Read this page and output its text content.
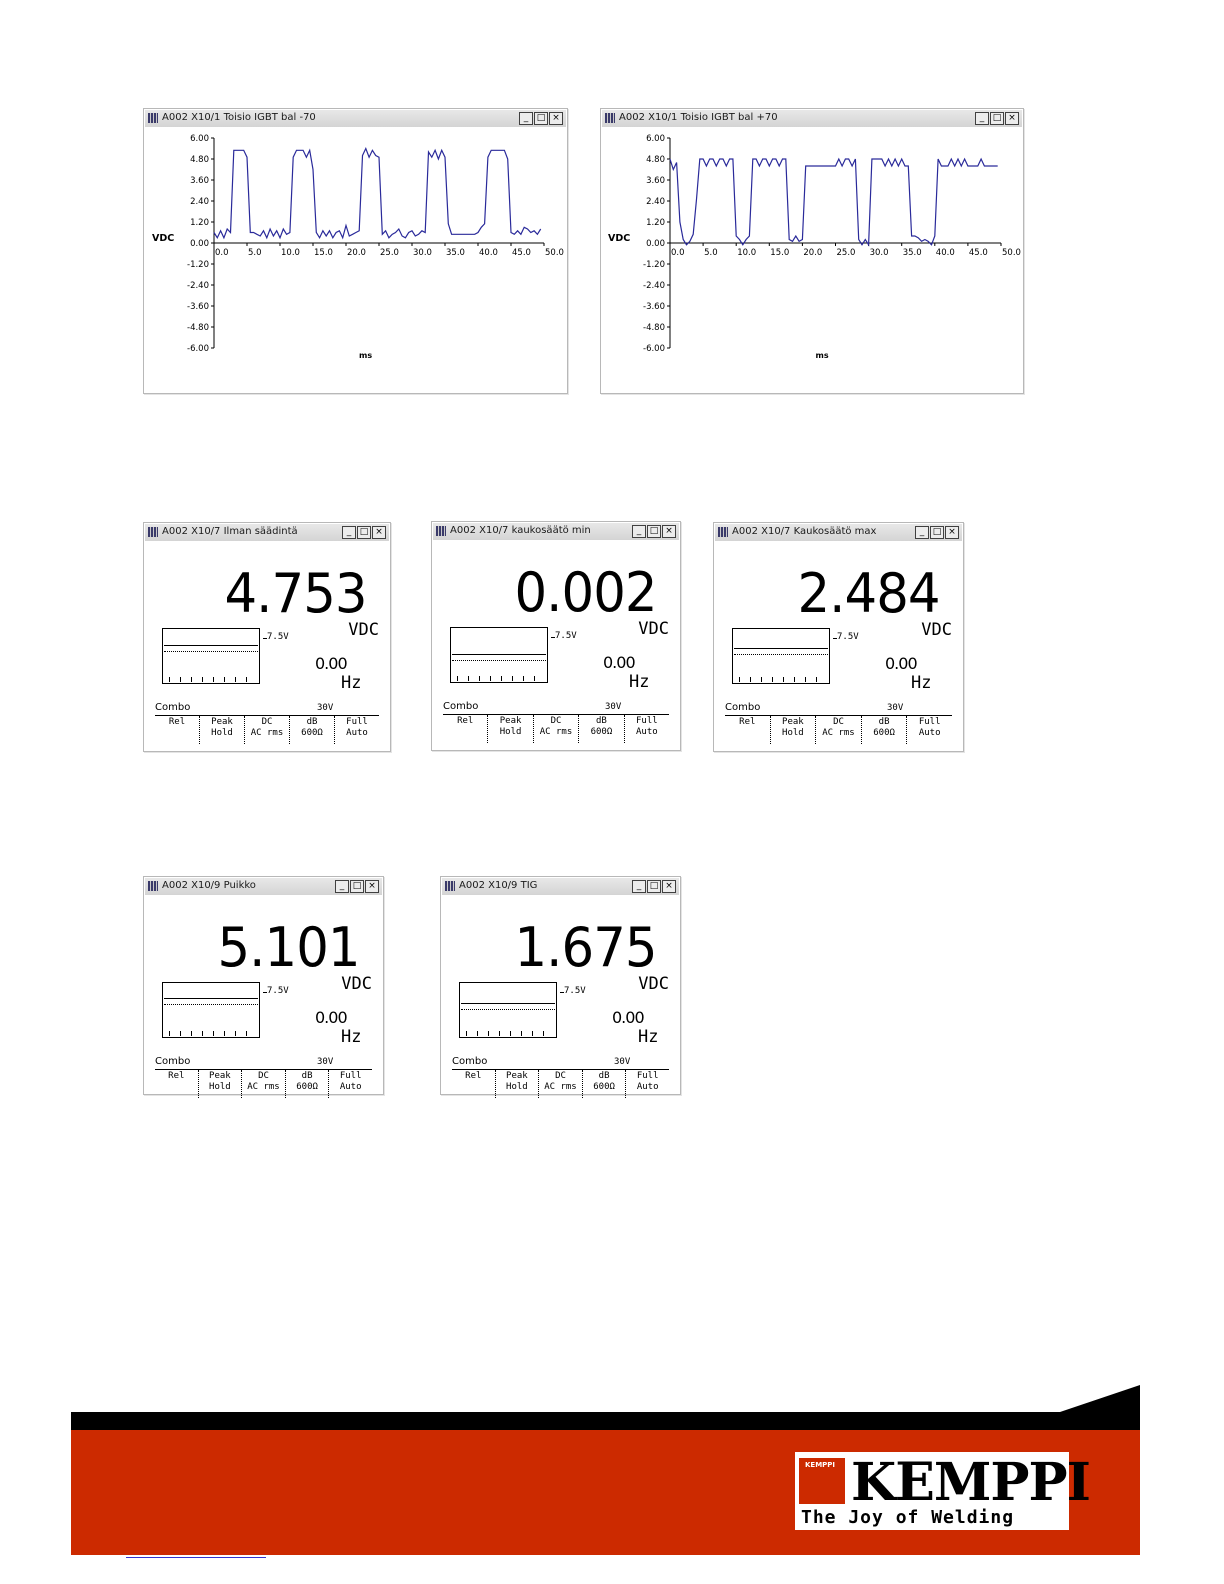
A002 X10/1 Toisio IGBT bal -70	_ □ ×
6.00
4.80
3.60
2.40
1.20
0.00
-1.20
-2.40
-3.60
-4.80
-6.00
0.0 5.0 10.0 15.0 20.0 25.0 30.0 35.0 40.0 45.0 50.0
VDC
ms
A002 X10/1 Toisio IGBT bal +70	_ □ ×
6.00
4.80
3.60
2.40
1.20
0.00
-1.20
-2.40
-3.60
-4.80
-6.00
0.0 5.0 10.0 15.0 20.0 25.0 30.0 35.0 40.0 45.0 50.0
VDC
ms
A002 X10/7 Ilman säädintä	_ □ ×
4.753
VDC
7.5V
0.00
Hz
Combo	30V
Rel	Peak
Hold
DC
AC rms
dB
600Ω
Full
Auto
A002 X10/7 kaukosäätö min	_ □ ×
0.002
VDC
7.5V
0.00
Hz
Combo	30V
Rel	Peak
Hold
DC
AC rms
dB
600Ω
Full
Auto
A002 X10/7 Kaukosäätö max	_ □ ×
2.484
VDC
7.5V
0.00
Hz
Combo	30V
Rel	Peak
Hold
DC
AC rms
dB
600Ω
Full
Auto
A002 X10/9 Puikko	_ □ ×
5.101
VDC
7.5V
0.00
Hz
Combo	30V
Rel	Peak
Hold
DC
AC rms
dB
600Ω
Full
Auto
A002 X10/9 TIG	_ □ ×
1.675
VDC
7.5V
0.00
Hz
Combo	30V
Rel	Peak
Hold
DC
AC rms
dB
600Ω
Full
Auto
KEMPPI KEMPPI
The Joy of Welding
